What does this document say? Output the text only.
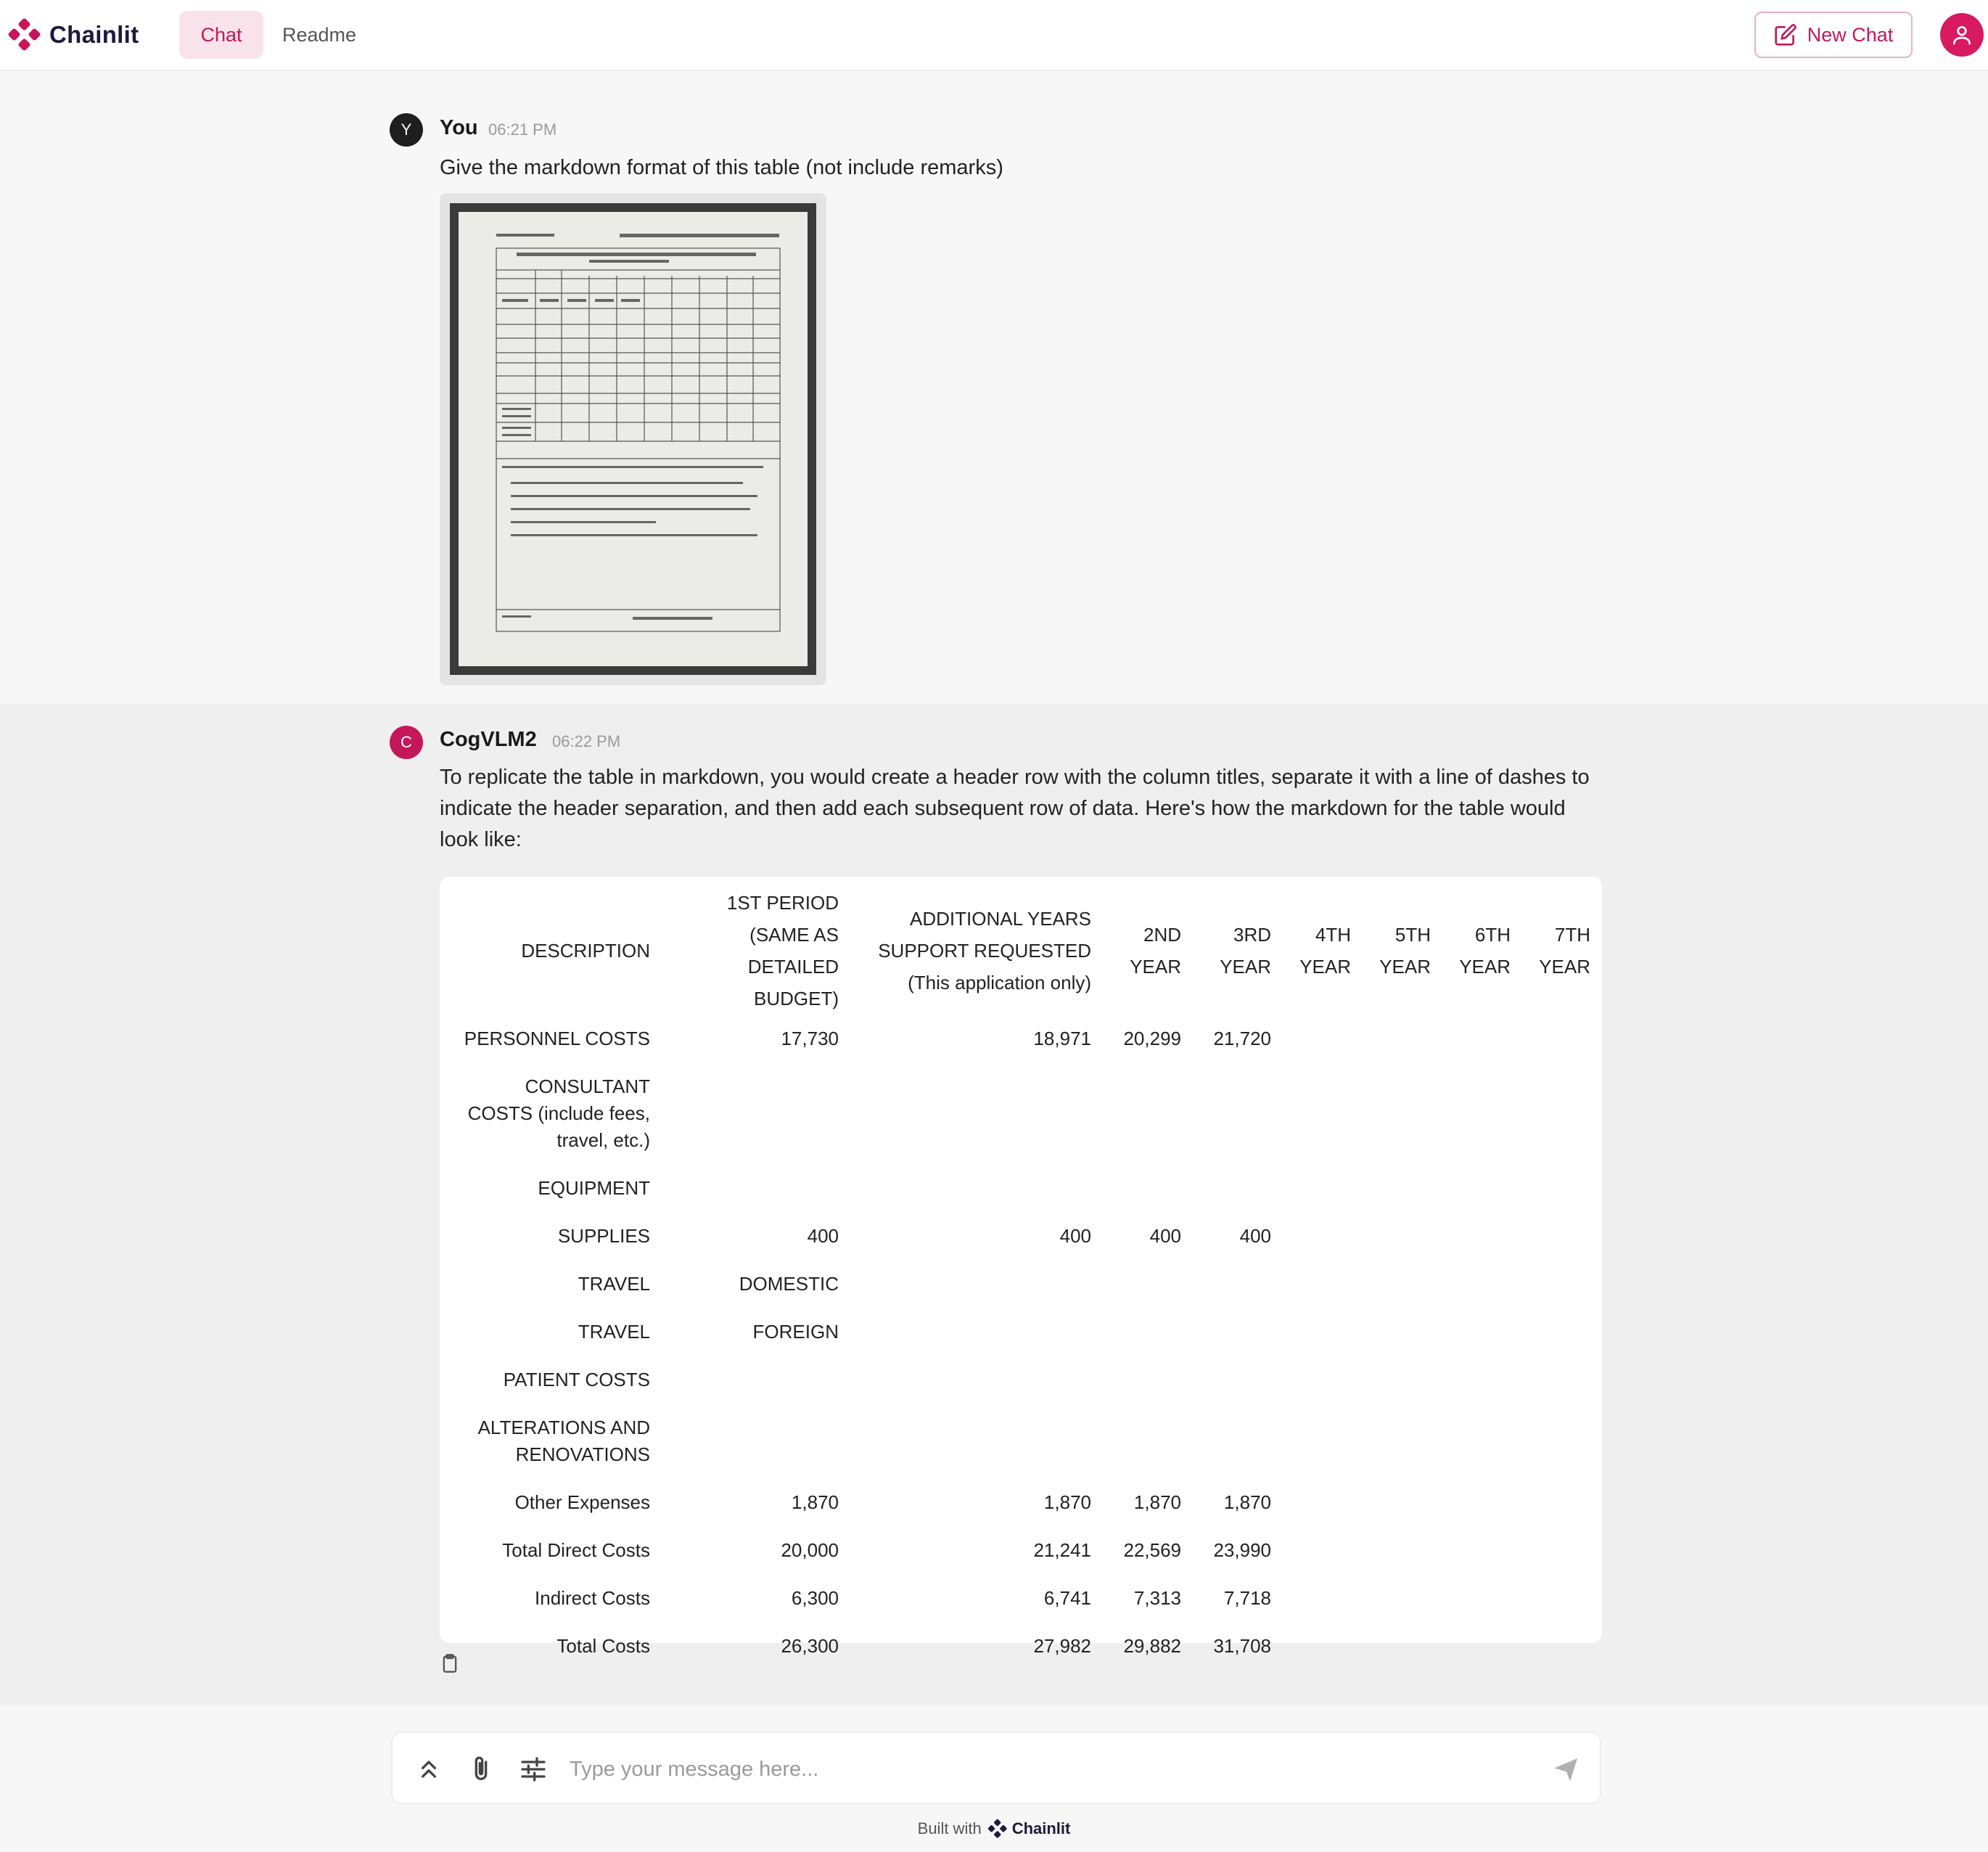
Chainlit	Chat	Readme	New Chat
Y	You 06:21 PM
Give the markdown format of this table (not include remarks)
C	CogVLM2 06:22 PM
To replicate the table in markdown, you would create a header row with the column titles, separate it with a line of dashes to indicate the header separation, and then add each subsequent row of data. Here's how the markdown for the table would look like:
DESCRIPTION	1ST PERIOD (SAME AS DETAILED BUDGET)	ADDITIONAL YEARS SUPPORT REQUESTED (This application only)	2ND YEAR	3RD YEAR	4TH YEAR	5TH YEAR	6TH YEAR	7TH YEAR
PERSONNEL COSTS	17,730	18,971	20,299	21,720				
CONSULTANT COSTS (include fees, travel, etc.)								
EQUIPMENT								
SUPPLIES	400	400	400	400				
TRAVEL	DOMESTIC							
TRAVEL	FOREIGN							
PATIENT COSTS								
ALTERATIONS AND RENOVATIONS								
Other Expenses	1,870	1,870	1,870	1,870				
Total Direct Costs	20,000	21,241	22,569	23,990				
Indirect Costs	6,300	6,741	7,313	7,718				
Total Costs	26,300	27,982	29,882	31,708				
Type your message here...
Built with Chainlit
